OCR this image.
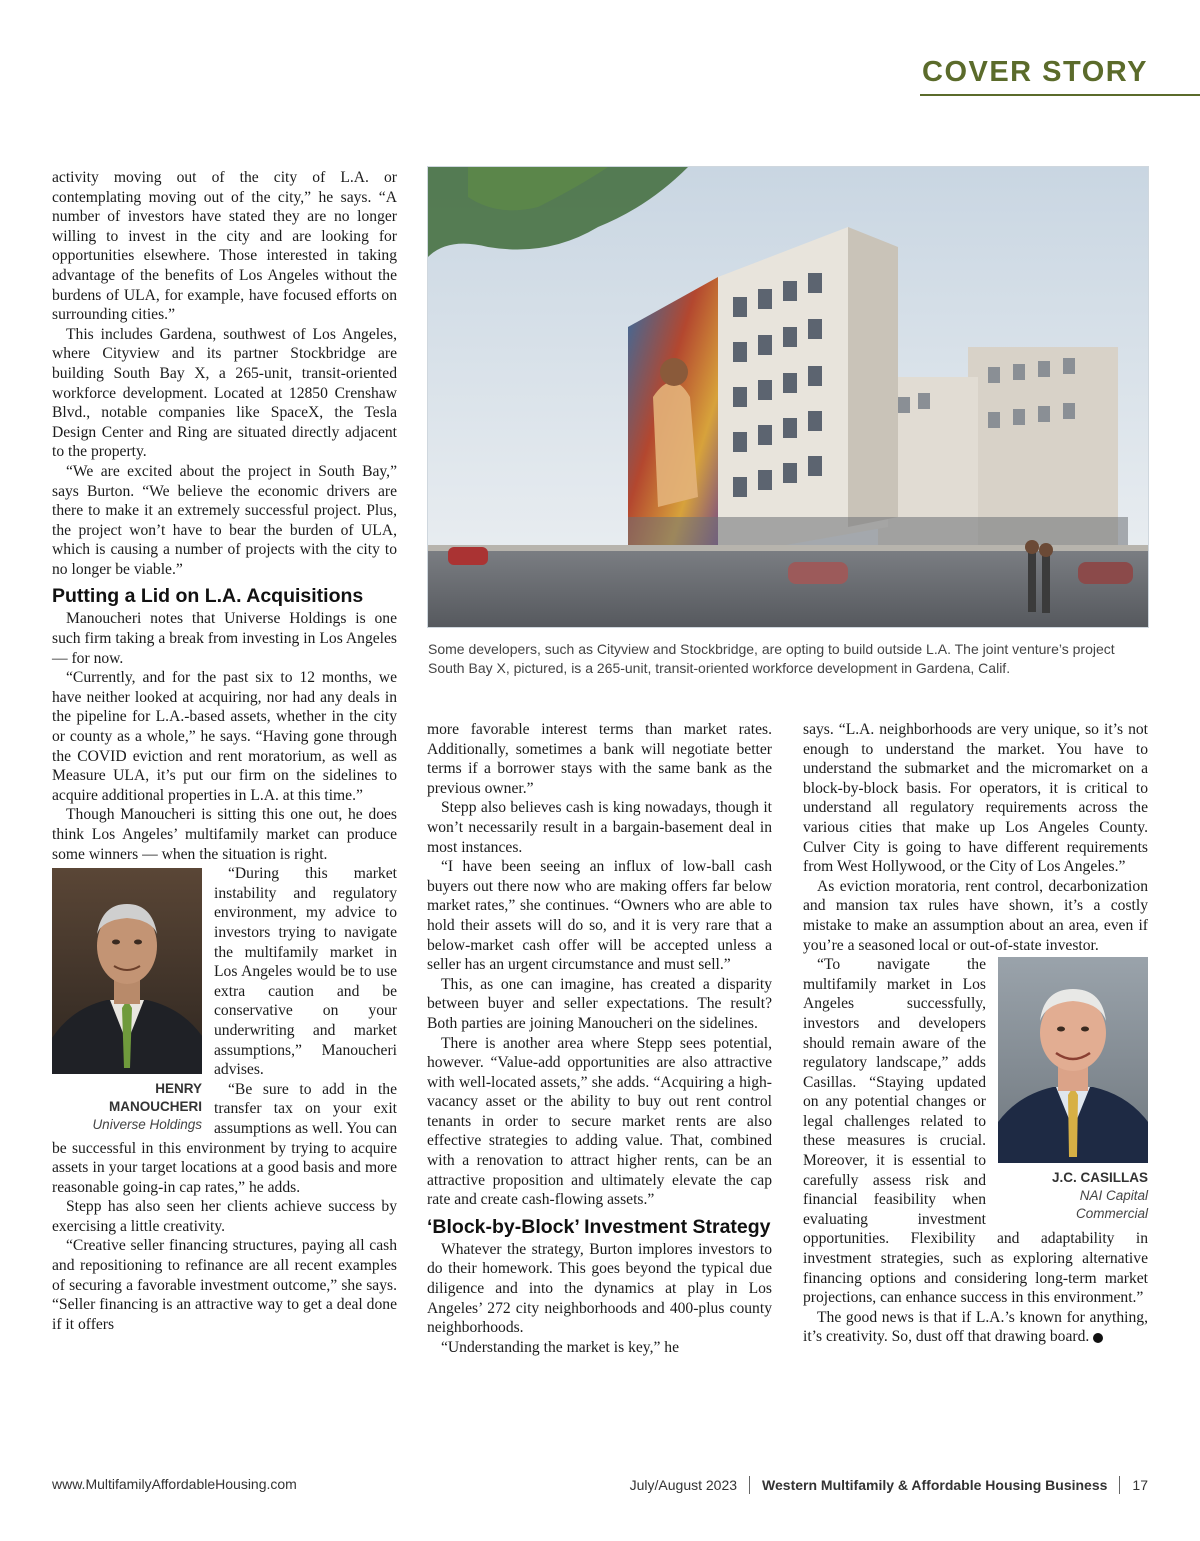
COVER STORY

activity moving out of the city of L.A. or contemplating moving out of the city,” he says. “A number of investors have stated they are no longer willing to invest in the city and are looking for opportunities elsewhere. Those interested in taking advantage of the benefits of Los Angeles without the burdens of ULA, for example, have focused efforts on surrounding cities.”

This includes Gardena, southwest of Los Angeles, where Cityview and its partner Stockbridge are building South Bay X, a 265-unit, transit-oriented workforce development. Located at 12850 Crenshaw Blvd., notable companies like SpaceX, the Tesla Design Center and Ring are situated directly adjacent to the property.

“We are excited about the project in South Bay,” says Burton. “We believe the economic drivers are there to make it an extremely successful project. Plus, the project won’t have to bear the burden of ULA, which is causing a number of projects with the city to no longer be viable.”

Putting a Lid on L.A. Acquisitions

Manoucheri notes that Universe Holdings is one such firm taking a break from investing in Los Angeles — for now.

“Currently, and for the past six to 12 months, we have neither looked at acquiring, nor had any deals in the pipeline for L.A.-based assets, whether in the city or county as a whole,” he says. “Having gone through the COVID eviction and rent moratorium, as well as Measure ULA, it’s put our firm on the sidelines to acquire additional properties in L.A. at this time.”

Though Manoucheri is sitting this one out, he does think Los Angeles’ multifamily market can produce some winners — when the situation is right.

HENRY
MANOUCHERI
Universe Holdings

“During this market instability and regulatory environment, my advice to investors trying to navigate the multifamily market in Los Angeles would be to use extra caution and be conservative on your underwriting and market assumptions,” Manoucheri advises.

“Be sure to add in the transfer tax on your exit assumptions as well. You can be successful in this environment by trying to acquire assets in your target locations at a good basis and more reasonable going-in cap rates,” he adds.

Stepp has also seen her clients achieve success by exercising a little creativity.

“Creative seller financing structures, paying all cash and repositioning to refinance are all recent examples of securing a favorable investment outcome,” she says. “Seller financing is an attractive way to get a deal done if it offers

Some developers, such as Cityview and Stockbridge, are opting to build outside L.A. The joint venture’s project South Bay X, pictured, is a 265-unit, transit-oriented workforce development in Gardena, Calif.

more favorable interest terms than market rates. Additionally, sometimes a bank will negotiate better terms if a borrower stays with the same bank as the previous owner.”

Stepp also believes cash is king nowadays, though it won’t necessarily result in a bargain-basement deal in most instances.

“I have been seeing an influx of low-ball cash buyers out there now who are making offers far below market rates,” she continues. “Owners who are able to hold their assets will do so, and it is very rare that a below-market cash offer will be accepted unless a seller has an urgent circumstance and must sell.”

This, as one can imagine, has created a disparity between buyer and seller expectations. The result? Both parties are joining Manoucheri on the sidelines.

There is another area where Stepp sees potential, however. “Value-add opportunities are also attractive with well-located assets,” she adds. “Acquiring a high-vacancy asset or the ability to buy out rent control tenants in order to secure market rents are also effective strategies to adding value. That, combined with a renovation to attract higher rents, can be an attractive proposition and ultimately elevate the cap rate and create cash-flowing assets.”

‘Block-by-Block’ Investment Strategy

Whatever the strategy, Burton implores investors to do their homework. This goes beyond the typical due diligence and into the dynamics at play in Los Angeles’ 272 city neighborhoods and 400-plus county neighborhoods.

“Understanding the market is key,” he

says. “L.A. neighborhoods are very unique, so it’s not enough to understand the market. You have to understand the submarket and the micromarket on a block-by-block basis. For operators, it is critical to understand all regulatory requirements across the various cities that make up Los Angeles County. Culver City is going to have different requirements from West Hollywood, or the City of Los Angeles.”

As eviction moratoria, rent control, decarbonization and mansion tax rules have shown, it’s a costly mistake to make an assumption about an area, even if you’re a seasoned local or out-of-state investor.

J.C. CASILLAS
NAI Capital
Commercial

“To navigate the multifamily market in Los Angeles successfully, investors and developers should remain aware of the regulatory landscape,” adds Casillas. “Staying updated on any potential changes or legal challenges related to these measures is crucial. Moreover, it is essential to carefully assess risk and financial feasibility when evaluating investment opportunities. Flexibility and adaptability in investment strategies, such as exploring alternative financing options and considering long-term market projections, can enhance success in this environment.”

The good news is that if L.A.’s known for anything, it’s creativity. So, dust off that drawing board.

www.MultifamilyAffordableHousing.com	July/August 2023 Western Multifamily & Affordable Housing Business 17
